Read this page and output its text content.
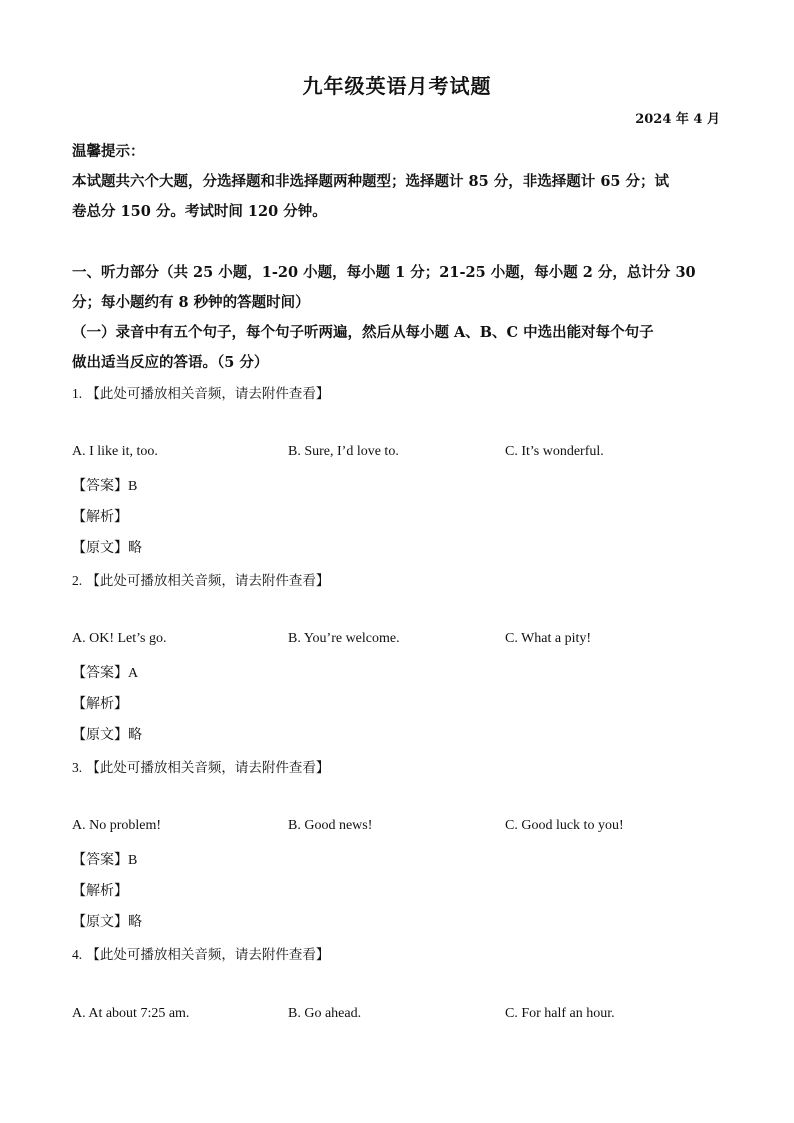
九年级英语月考试题
2024 年 4 月
温馨提示：
本试题共六个大题，分选择题和非选择题两种题型；选择题计 85 分，非选择题计 65 分；试
卷总分 150 分。考试时间 120 分钟。
一、听力部分（共 25 小题，1-20 小题，每小题 1 分；21-25 小题，每小题 2 分，总计分 30
分；每小题约有 8 秒钟的答题时间）
（一）录音中有五个句子，每个句子听两遍，然后从每小题 A、B、C 中选出能对每个句子
做出适当反应的答语。（5 分）
1. 【此处可播放相关音频，请去附件查看】
A. I like it, too.	B. Sure, I’d love to.	C. It’s wonderful.
【答案】B
【解析】
【原文】略
2. 【此处可播放相关音频，请去附件查看】
A. OK! Let’s go.	B. You’re welcome.	C. What a pity!
【答案】A
【解析】
【原文】略
3. 【此处可播放相关音频，请去附件查看】
A. No problem!	B. Good news!	C. Good luck to you!
【答案】B
【解析】
【原文】略
4. 【此处可播放相关音频，请去附件查看】
A. At about 7:25 am.	B. Go ahead.	C. For half an hour.
